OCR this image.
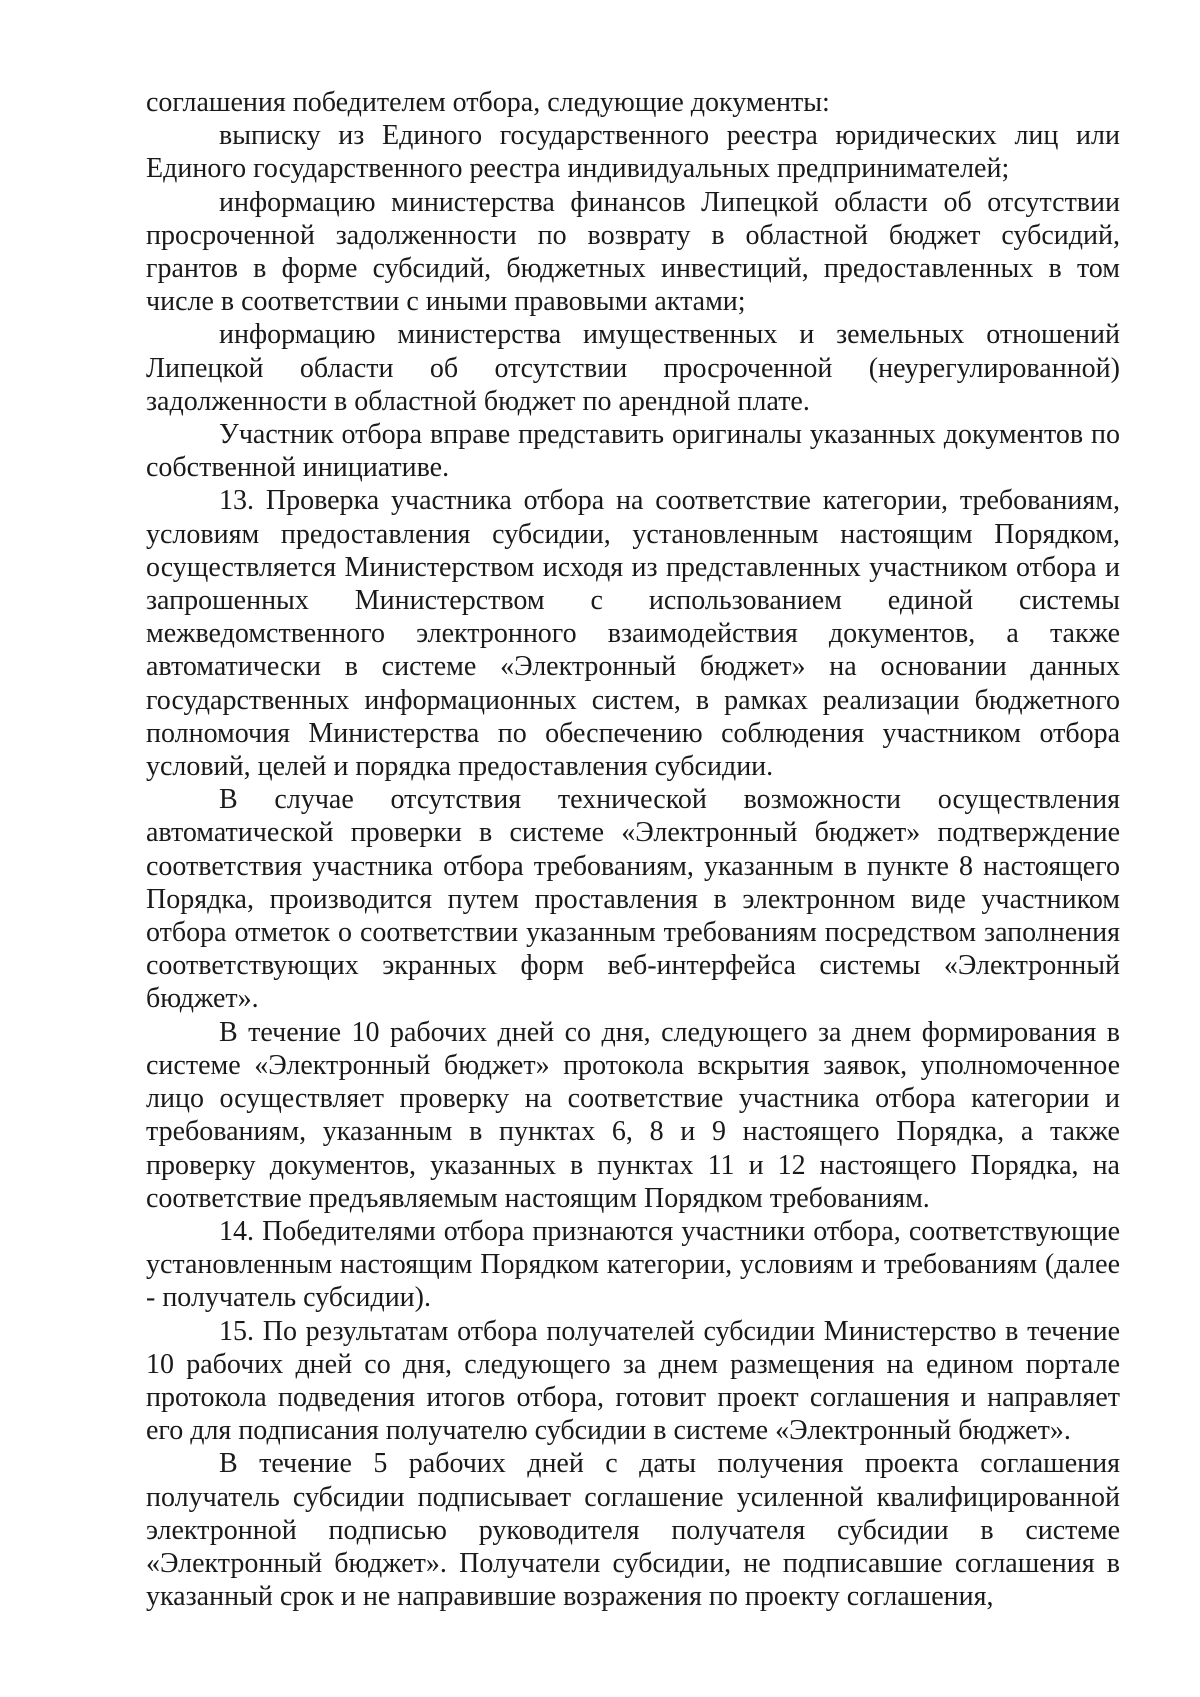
соглашения победителем отбора, следующие документы:

выписку из Единого государственного реестра юридических лиц или Единого государственного реестра индивидуальных предпринимателей;

информацию министерства финансов Липецкой области об отсутствии просроченной задолженности по возврату в областной бюджет субсидий, грантов в форме субсидий, бюджетных инвестиций, предоставленных в том числе в соответствии с иными правовыми актами;

информацию министерства имущественных и земельных отношений Липецкой области об отсутствии просроченной (неурегулированной) задолженности в областной бюджет по арендной плате.

Участник отбора вправе представить оригиналы указанных документов по собственной инициативе.

13. Проверка участника отбора на соответствие категории, требованиям, условиям предоставления субсидии, установленным настоящим Порядком, осуществляется Министерством исходя из представленных участником отбора и запрошенных Министерством с использованием единой системы межведомственного электронного взаимодействия документов, а также автоматически в системе «Электронный бюджет» на основании данных государственных информационных систем, в рамках реализации бюджетного полномочия Министерства по обеспечению соблюдения участником отбора условий, целей и порядка предоставления субсидии.

В случае отсутствия технической возможности осуществления автоматической проверки в системе «Электронный бюджет» подтверждение соответствия участника отбора требованиям, указанным в пункте 8 настоящего Порядка, производится путем проставления в электронном виде участником отбора отметок о соответствии указанным требованиям посредством заполнения соответствующих экранных форм веб-интерфейса системы «Электронный бюджет».

В течение 10 рабочих дней со дня, следующего за днем формирования в системе «Электронный бюджет» протокола вскрытия заявок, уполномоченное лицо осуществляет проверку на соответствие участника отбора категории и требованиям, указанным в пунктах 6, 8 и 9 настоящего Порядка, а также проверку документов, указанных в пунктах 11 и 12 настоящего Порядка, на соответствие предъявляемым настоящим Порядком требованиям.

14. Победителями отбора признаются участники отбора, соответствующие установленным настоящим Порядком категории, условиям и требованиям (далее - получатель субсидии).

15. По результатам отбора получателей субсидии Министерство в течение 10 рабочих дней со дня, следующего за днем размещения на едином портале протокола подведения итогов отбора, готовит проект соглашения и направляет его для подписания получателю субсидии в системе «Электронный бюджет».

В течение 5 рабочих дней с даты получения проекта соглашения получатель субсидии подписывает соглашение усиленной квалифицированной электронной подписью руководителя получателя субсидии в системе «Электронный бюджет». Получатели субсидии, не подписавшие соглашения в указанный срок и не направившие возражения по проекту соглашения,
